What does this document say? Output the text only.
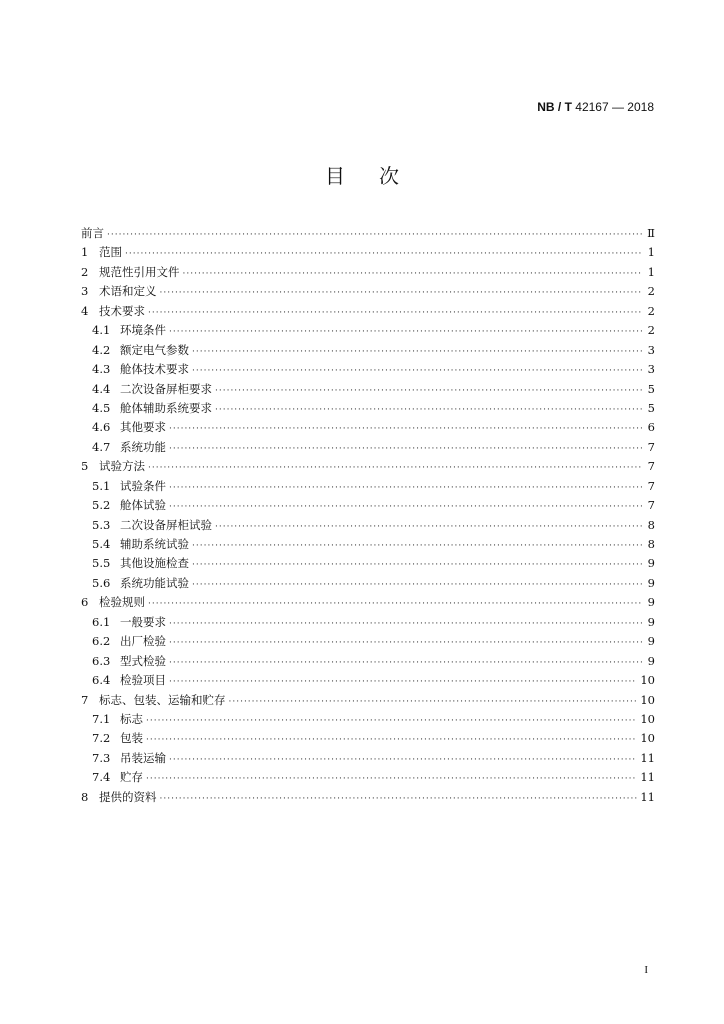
NB / T 42167 — 2018
目次
前言 ·····	Ⅱ
1 范围 ·····	1
2 规范性引用文件 ·····	1
3 术语和定义 ·····	2
4 技术要求 ·····	2
4.1 环境条件 ·····	2
4.2 额定电气参数 ·····	3
4.3 舱体技术要求 ·····	3
4.4 二次设备屏柜要求 ·····	5
4.5 舱体辅助系统要求 ·····	5
4.6 其他要求 ·····	6
4.7 系统功能 ·····	7
5 试验方法 ·····	7
5.1 试验条件 ·····	7
5.2 舱体试验 ·····	7
5.3 二次设备屏柜试验 ·····	8
5.4 辅助系统试验 ·····	8
5.5 其他设施检查 ·····	9
5.6 系统功能试验 ·····	9
6 检验规则 ·····	9
6.1 一般要求 ·····	9
6.2 出厂检验 ·····	9
6.3 型式检验 ·····	9
6.4 检验项目 ·····	10
7 标志、包装、运输和贮存 ·····	10
7.1 标志 ·····	10
7.2 包装 ·····	10
7.3 吊装运输 ·····	11
7.4 贮存 ·····	11
8 提供的资料 ·····	11
I
